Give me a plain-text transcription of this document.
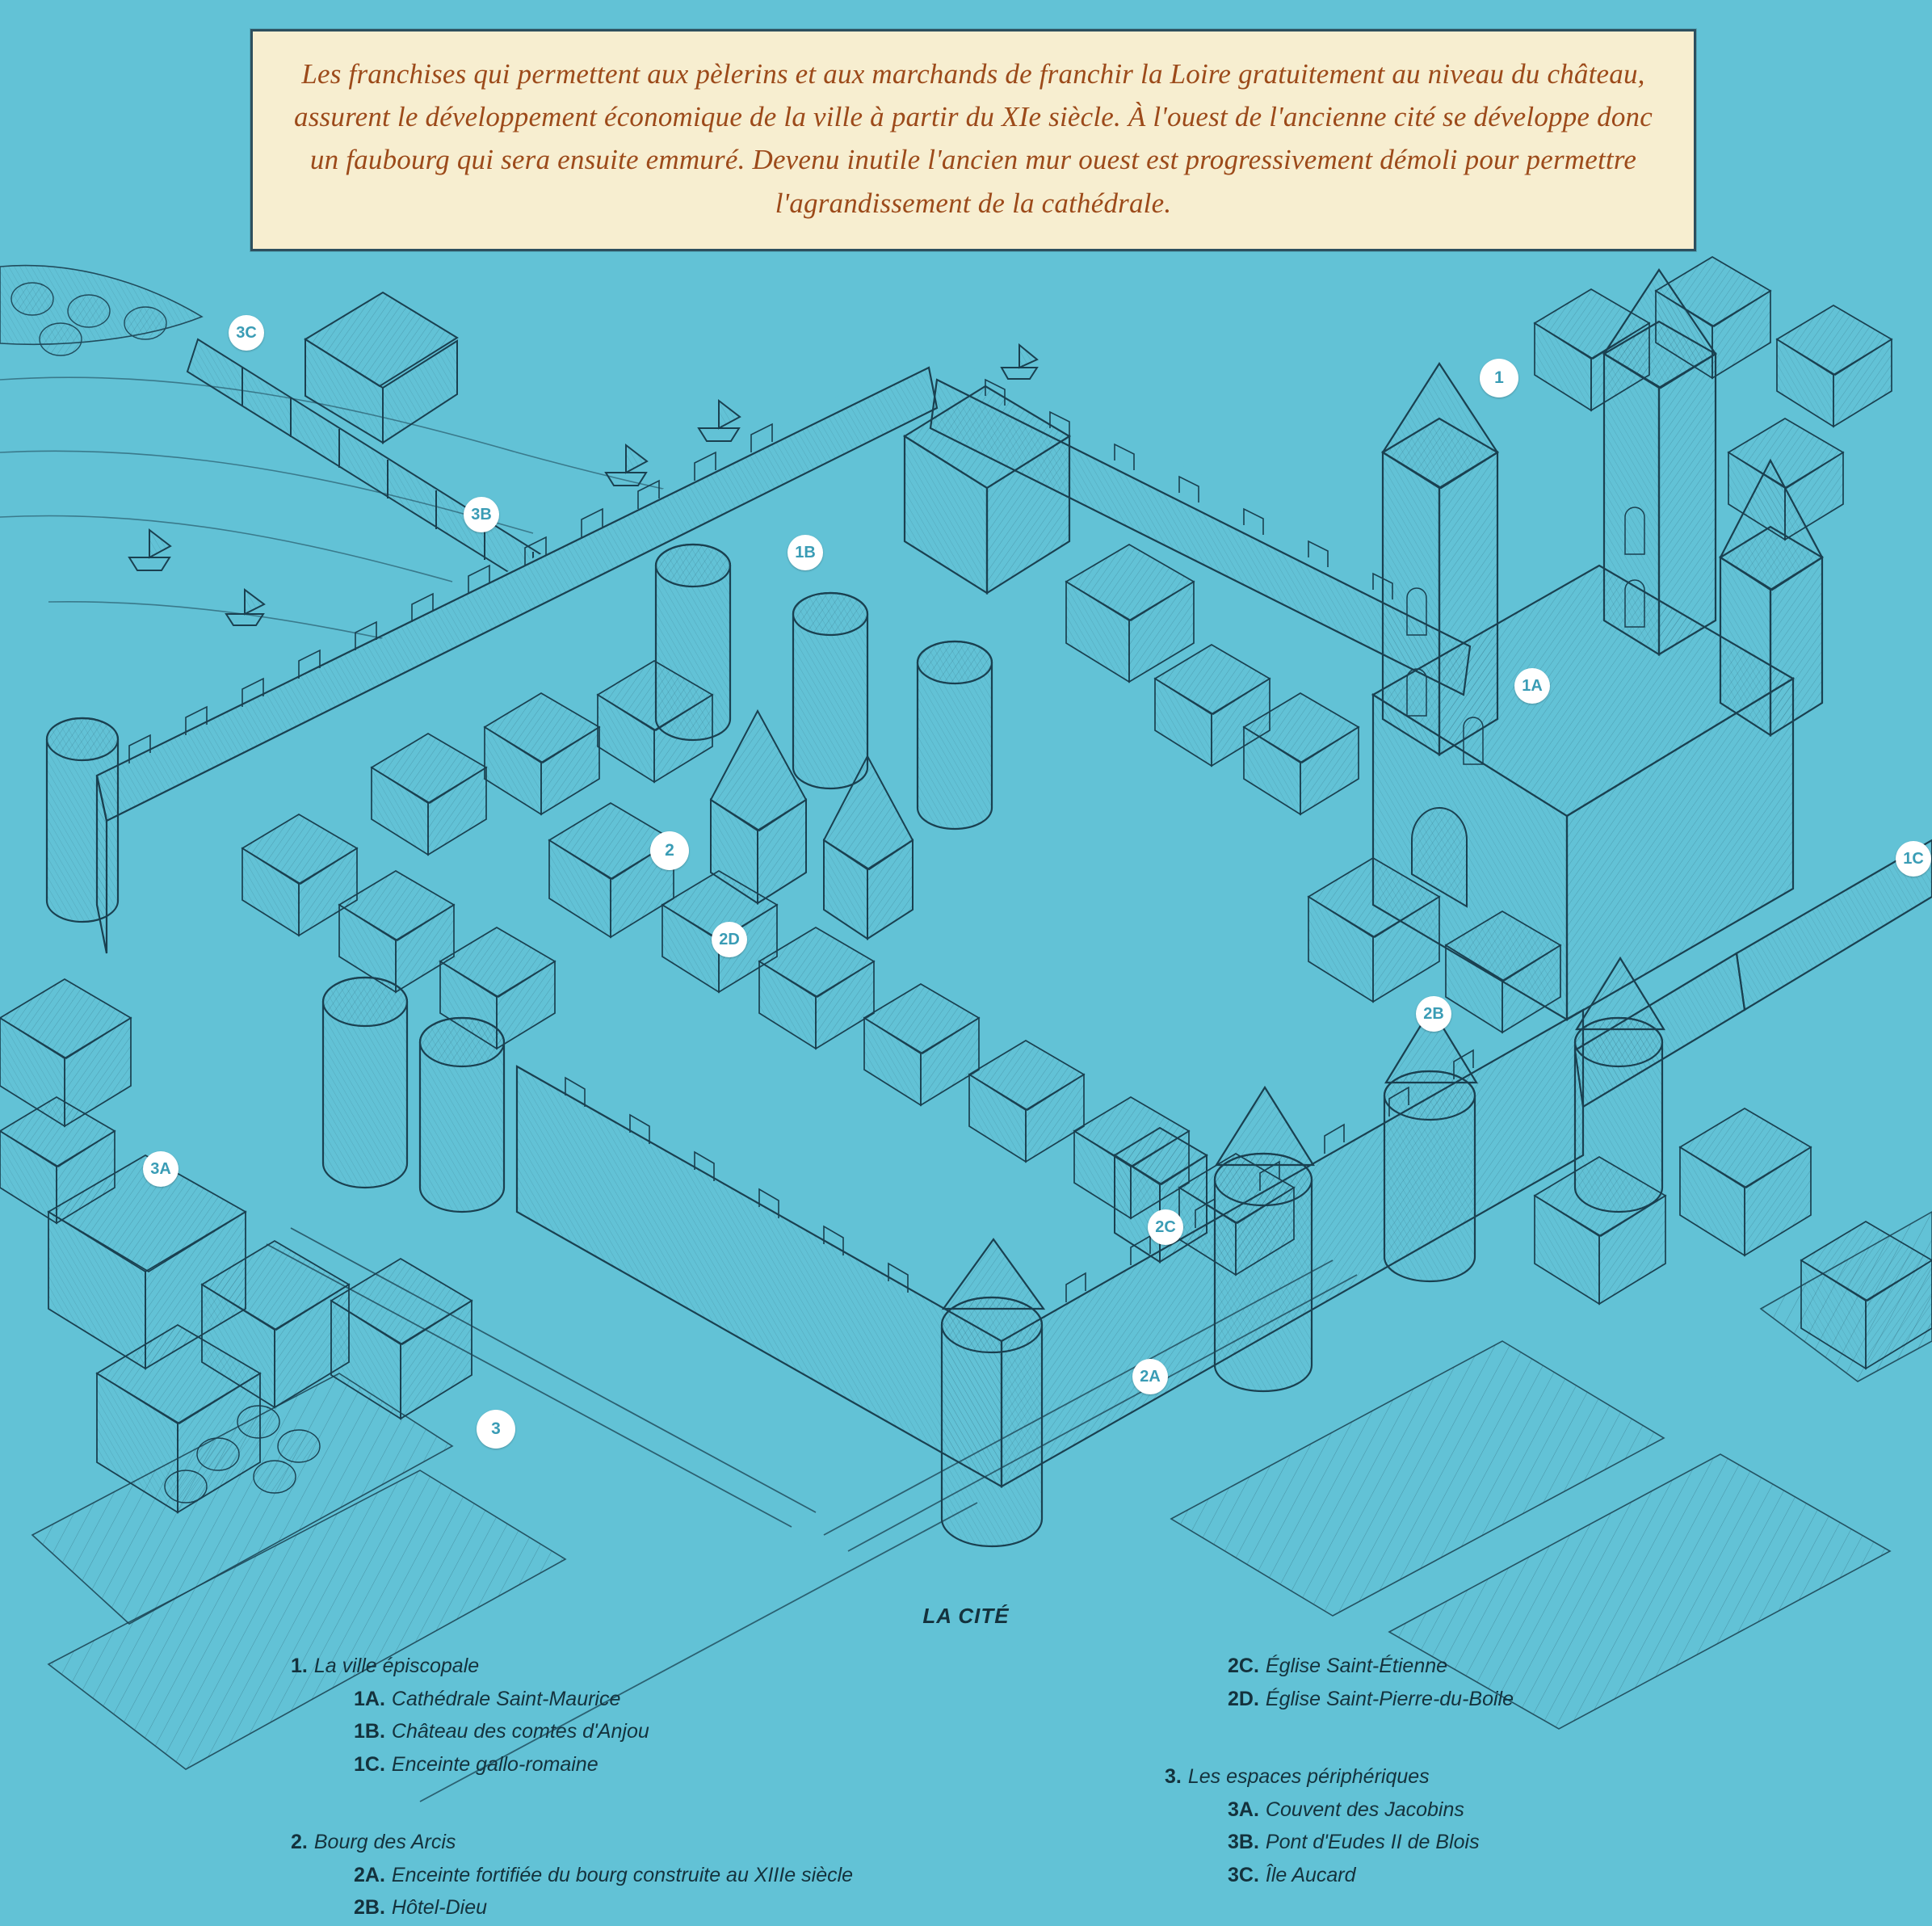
Les franchises qui permettent aux pèlerins et aux marchands de franchir la Loire gratuitement au niveau du château, assurent le développement économique de la ville à partir du XIe siècle. À l'ouest de l'ancienne cité se développe donc un faubourg qui sera ensuite emmuré. Devenu inutile l'ancien mur ouest est progressivement démoli pour permettre l'agrandissement de la cathédrale.

3C
3B
1B
1
1A
1C
2
2D
2B
3A
2C
2A
3
LA CITÉ
1. La ville épiscopale
1A. Cathédrale Saint-Maurice
1B. Château des comtes d'Anjou
1C. Enceinte gallo-romaine
2. Bourg des Arcis
2A. Enceinte fortifiée du bourg construite au XIIIe siècle
2B. Hôtel-Dieu
2C. Église Saint-Étienne
2D. Église Saint-Pierre-du-Boile
3. Les espaces périphériques
3A. Couvent des Jacobins
3B. Pont d'Eudes II de Blois
3C. Île Aucard
